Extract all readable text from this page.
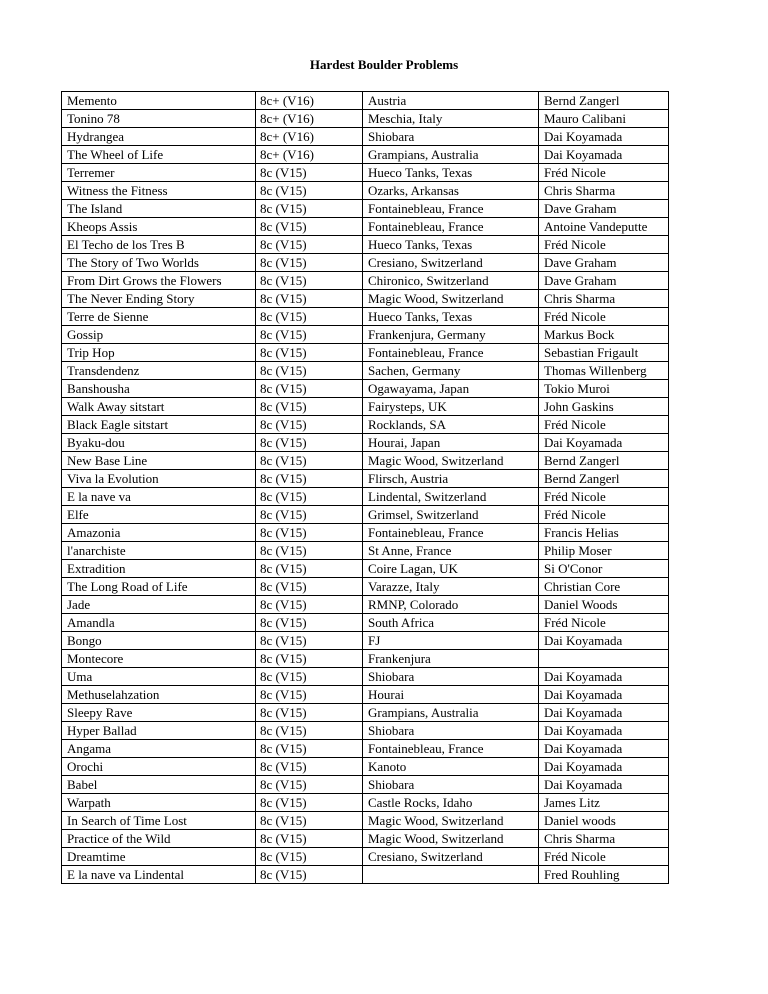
Hardest Boulder Problems
Memento	8c+ (V16)	Austria	Bernd Zangerl
Tonino 78	8c+ (V16)	Meschia, Italy	Mauro Calibani
Hydrangea	8c+ (V16)	Shiobara	Dai Koyamada
The Wheel of Life	8c+ (V16)	Grampians, Australia	Dai Koyamada
Terremer	8c (V15)	Hueco Tanks, Texas	Fréd Nicole
Witness the Fitness	8c (V15)	Ozarks, Arkansas	Chris Sharma
The Island	8c (V15)	Fontainebleau, France	Dave Graham
Kheops Assis	8c (V15)	Fontainebleau, France	Antoine Vandeputte
El Techo de los Tres B	8c (V15)	Hueco Tanks, Texas	Fréd Nicole
The Story of Two Worlds	8c (V15)	Cresiano, Switzerland	Dave Graham
From Dirt Grows the Flowers	8c (V15)	Chironico, Switzerland	Dave Graham
The Never Ending Story	8c (V15)	Magic Wood, Switzerland	Chris Sharma
Terre de Sienne	8c (V15)	Hueco Tanks, Texas	Fréd Nicole
Gossip	8c (V15)	Frankenjura, Germany	Markus Bock
Trip Hop	8c (V15)	Fontainebleau, France	Sebastian Frigault
Transdendenz	8c (V15)	Sachen, Germany	Thomas Willenberg
Banshousha	8c (V15)	Ogawayama, Japan	Tokio Muroi
Walk Away sitstart	8c (V15)	Fairysteps, UK	John Gaskins
Black Eagle sitstart	8c (V15)	Rocklands, SA	Fréd Nicole
Byaku-dou	8c (V15)	Hourai, Japan	Dai Koyamada
New Base Line	8c (V15)	Magic Wood, Switzerland	Bernd Zangerl
Viva la Evolution	8c (V15)	Flirsch, Austria	Bernd Zangerl
E la nave va	8c (V15)	Lindental, Switzerland	Fréd Nicole
Elfe	8c (V15)	Grimsel, Switzerland	Fréd Nicole
Amazonia	8c (V15)	Fontainebleau, France	Francis Helias
l'anarchiste	8c (V15)	St Anne, France	Philip Moser
Extradition	8c (V15)	Coire Lagan, UK	Si O'Conor
The Long Road of Life	8c (V15)	Varazze, Italy	Christian Core
Jade	8c (V15)	RMNP, Colorado	Daniel Woods
Amandla	8c (V15)	South Africa	Fréd Nicole
Bongo	8c (V15)	FJ	Dai Koyamada
Montecore	8c (V15)	Frankenjura	
Uma	8c (V15)	Shiobara	Dai Koyamada
Methuselahzation	8c (V15)	Hourai	Dai Koyamada
Sleepy Rave	8c (V15)	Grampians, Australia	Dai Koyamada
Hyper Ballad	8c (V15)	Shiobara	Dai Koyamada
Angama	8c (V15)	Fontainebleau, France	Dai Koyamada
Orochi	8c (V15)	Kanoto	Dai Koyamada
Babel	8c (V15)	Shiobara	Dai Koyamada
Warpath	8c (V15)	Castle Rocks, Idaho	James Litz
In Search of Time Lost	8c (V15)	Magic Wood, Switzerland	Daniel woods
Practice of the Wild	8c (V15)	Magic Wood, Switzerland	Chris Sharma
Dreamtime	8c (V15)	Cresiano, Switzerland	Fréd Nicole
E la nave va Lindental	8c (V15)		Fred Rouhling
